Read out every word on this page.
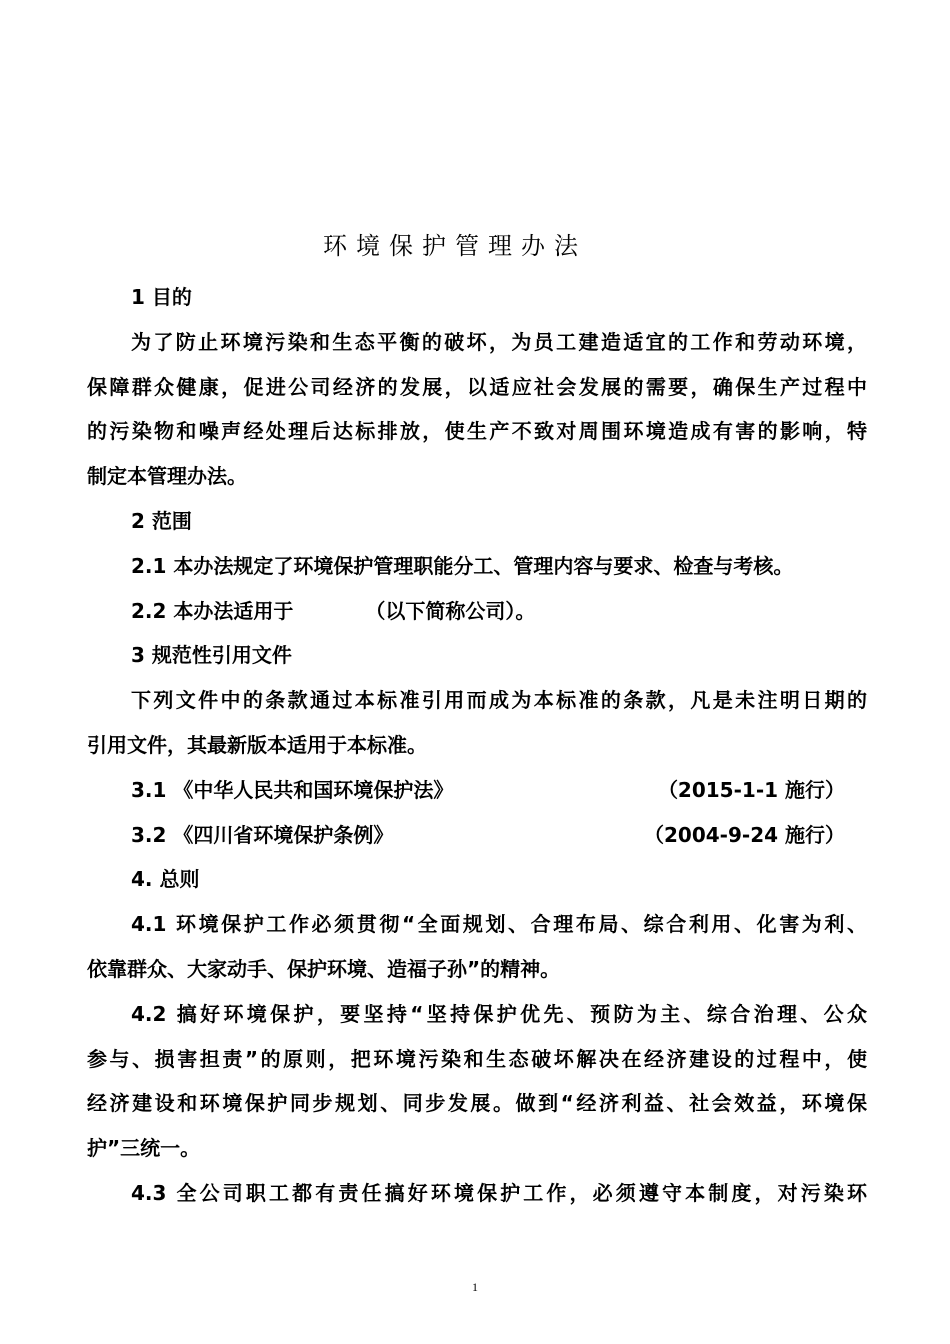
环境保护管理办法
1 目的
为了防止环境污染和生态平衡的破坏，为员工建造适宜的工作和劳动环境，
保障群众健康，促进公司经济的发展，以适应社会发展的需要，确保生产过程中
的污染物和噪声经处理后达标排放，使生产不致对周围环境造成有害的影响，特
制定本管理办法。
2 范围
2.1 本办法规定了环境保护管理职能分工、管理内容与要求、检查与考核。
2.2 本办法适用于	（以下简称公司）。
3 规范性引用文件
下列文件中的条款通过本标准引用而成为本标准的条款，凡是未注明日期的
引用文件，其最新版本适用于本标准。
3.1 《中华人民共和国环境保护法》	（2015-1-1 施行）
3.2 《四川省环境保护条例》	（2004-9-24 施行）
4. 总则
4.1 环境保护工作必须贯彻“全面规划、合理布局、综合利用、化害为利、
依靠群众、大家动手、保护环境、造福子孙”的精神。
4.2 搞好环境保护，要坚持“坚持保护优先、预防为主、综合治理、公众
参与、损害担责”的原则，把环境污染和生态破坏解决在经济建设的过程中，使
经济建设和环境保护同步规划、同步发展。做到“经济利益、社会效益，环境保
护”三统一。
4.3 全公司职工都有责任搞好环境保护工作，必须遵守本制度，对污染环
1
